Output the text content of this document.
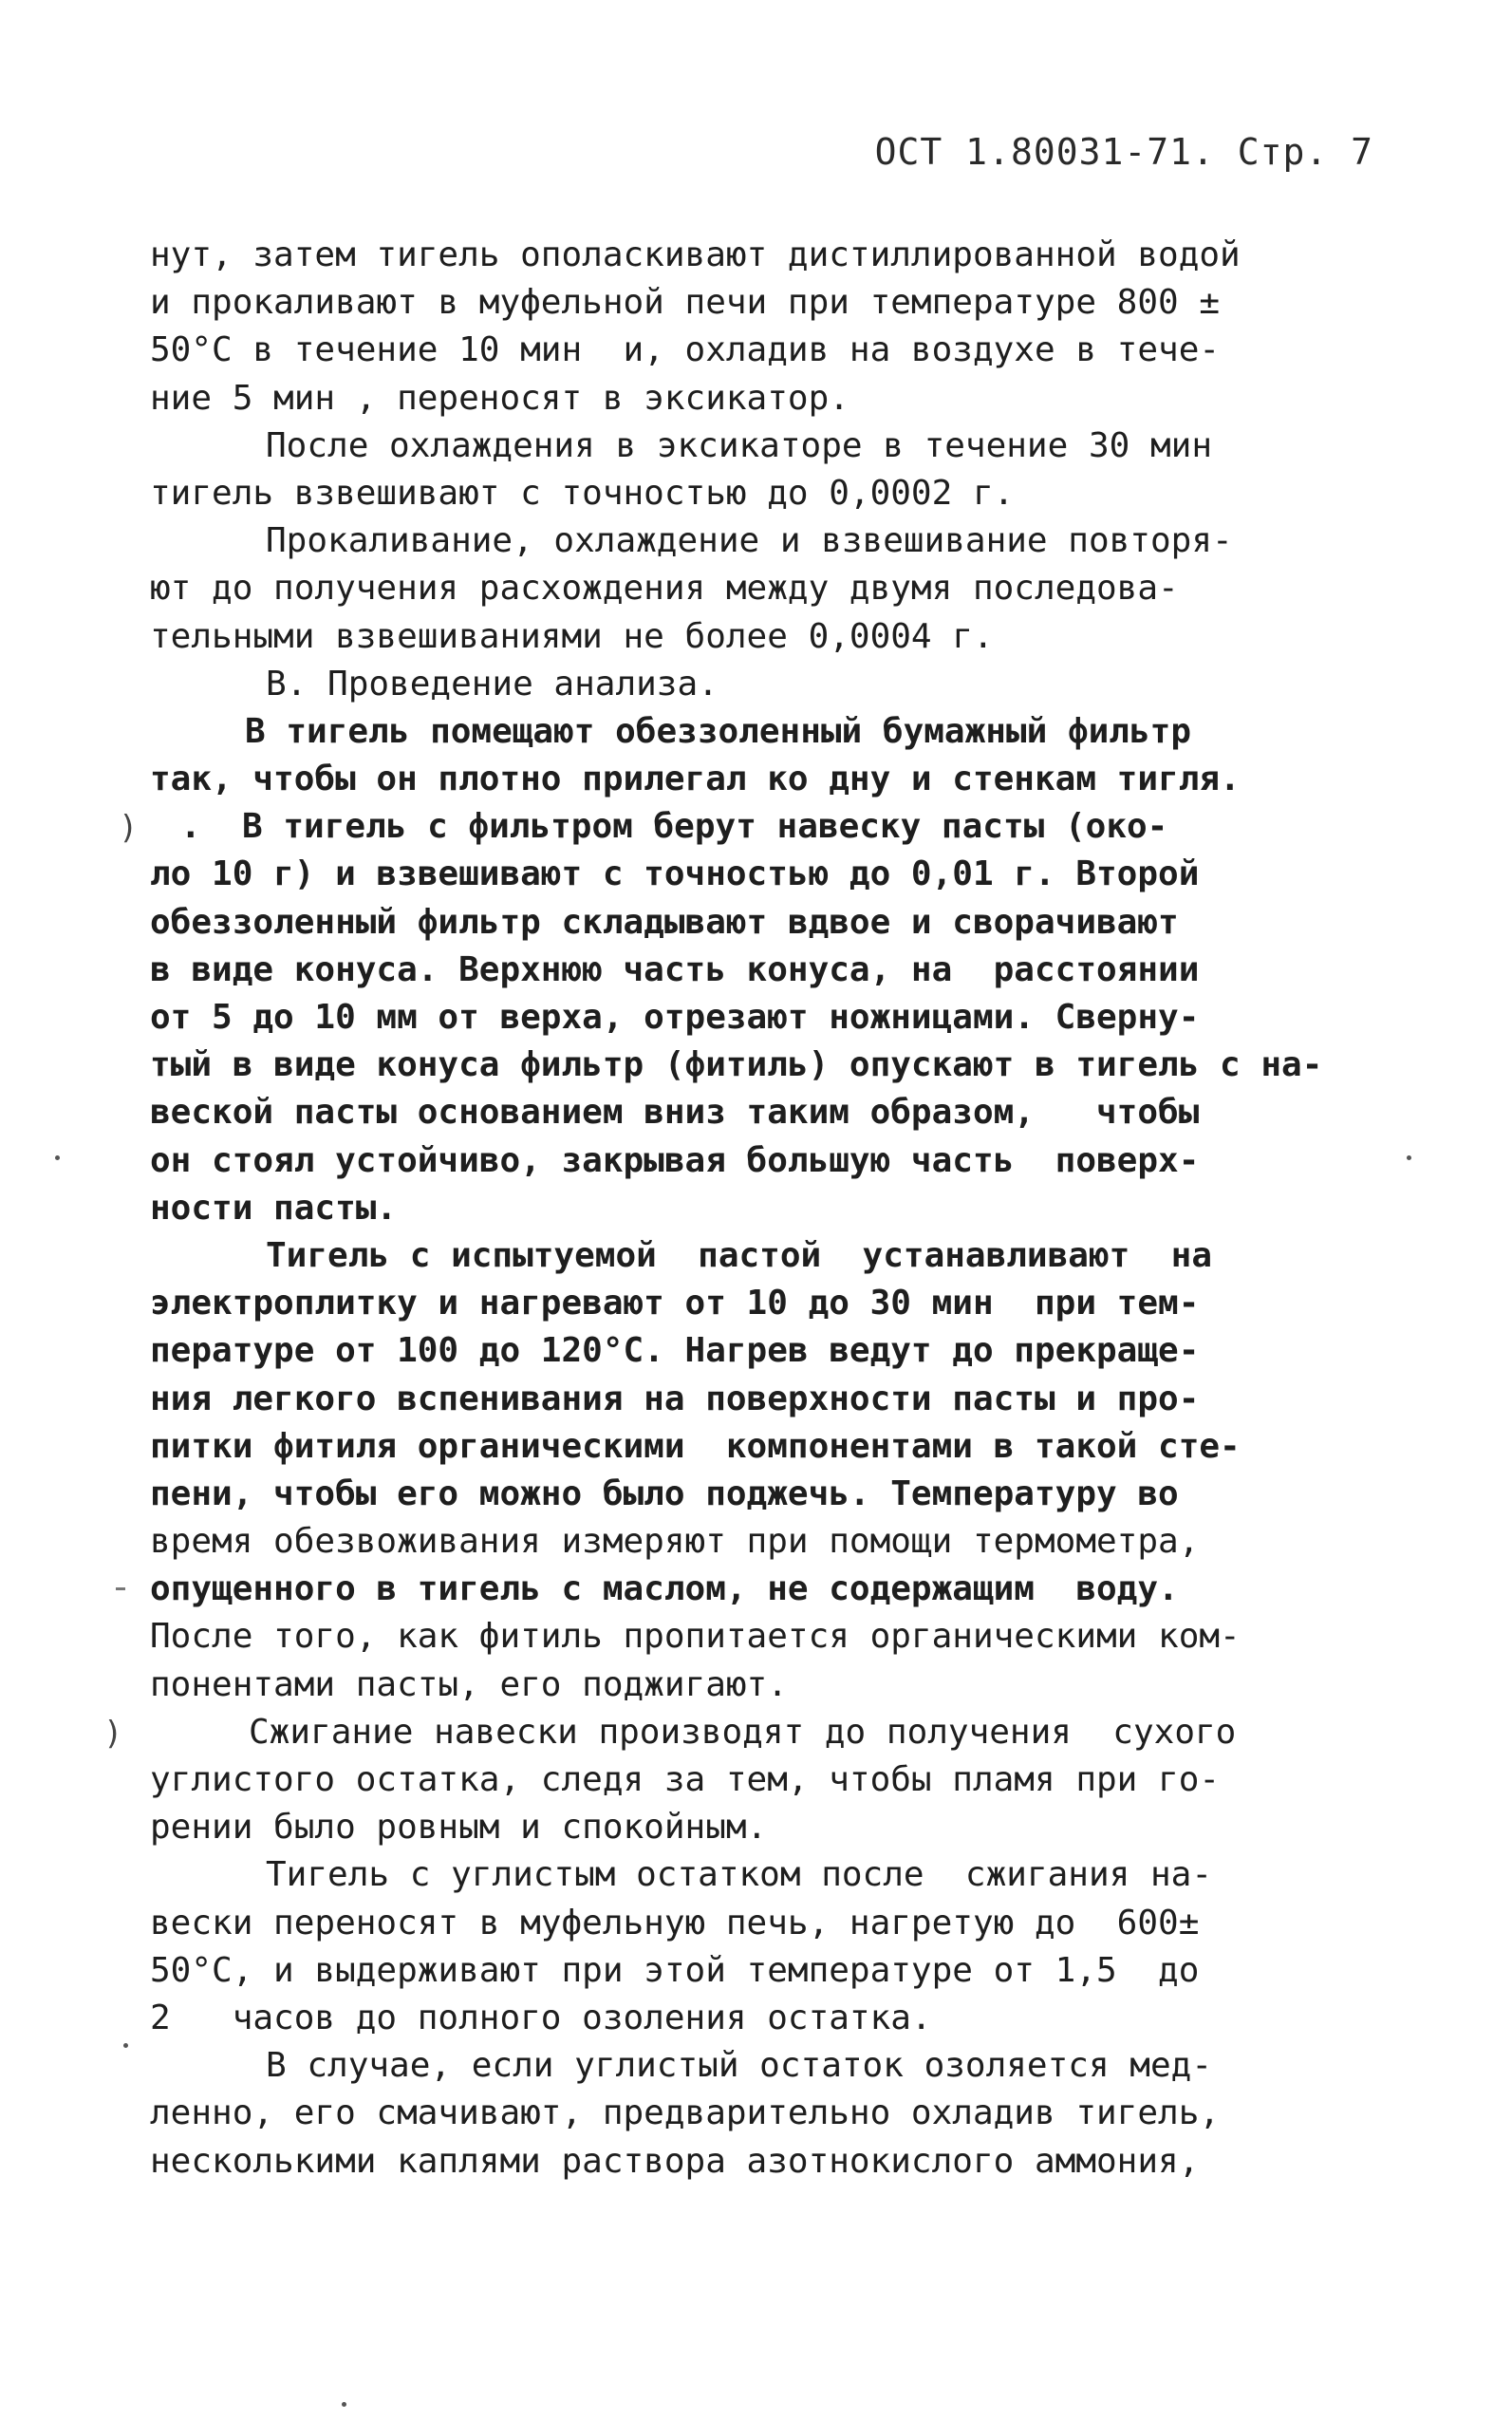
ОСТ 1.80031-71. Стр. 7
)
)
нут, затем тигель ополаскивают дистиллированной водой
и прокаливают в муфельной печи при температуре 800 ±
50°С в течение 10 мин  и, охладив на воздухе в тече-
ние 5 мин , переносят в эксикатор.
После охлаждения в эксикаторе в течение 30 мин
тигель взвешивают с точностью до 0,0002 г.
Прокаливание, охлаждение и взвешивание повторя-
ют до получения расхождения между двумя последова-
тельными взвешиваниями не более 0,0004 г.
В. Проведение анализа.
В тигель помещают обеззоленный бумажный фильтр
так, чтобы он плотно прилегал ко дну и стенкам тигля.
.  В тигель с фильтром берут навеску пасты (око-
ло 10 г) и взвешивают с точностью до 0,01 г. Второй
обеззоленный фильтр складывают вдвое и сворачивают
в виде конуса. Верхнюю часть конуса, на  расстоянии
от 5 до 10 мм от верха, отрезают ножницами. Сверну-
тый в виде конуса фильтр (фитиль) опускают в тигель с на-
веской пасты основанием вниз таким образом,   чтобы
он стоял устойчиво, закрывая большую часть  поверх-
ности пасты.
Тигель с испытуемой  пастой  устанавливают  на
электроплитку и нагревают от 10 до 30 мин  при тем-
пературе от 100 до 120°С. Нагрев ведут до прекраще-
ния легкого вспенивания на поверхности пасты и про-
питки фитиля органическими  компонентами в такой сте-
пени, чтобы его можно было поджечь. Температуру во
время обезвоживания измеряют при помощи термометра,
опущенного в тигель с маслом, не содержащим  воду.
После того, как фитиль пропитается органическими ком-
понентами пасты, его поджигают.
Сжигание навески производят до получения  сухого
углистого остатка, следя за тем, чтобы пламя при го-
рении было ровным и спокойным.
Тигель с углистым остатком после  сжигания на-
вески переносят в муфельную печь, нагретую до  600±
50°С, и выдерживают при этой температуре от 1,5  до
2   часов до полного озоления остатка.
В случае, если углистый остаток озоляется мед-
ленно, его смачивают, предварительно охладив тигель,
несколькими каплями раствора азотнокислого аммония,
